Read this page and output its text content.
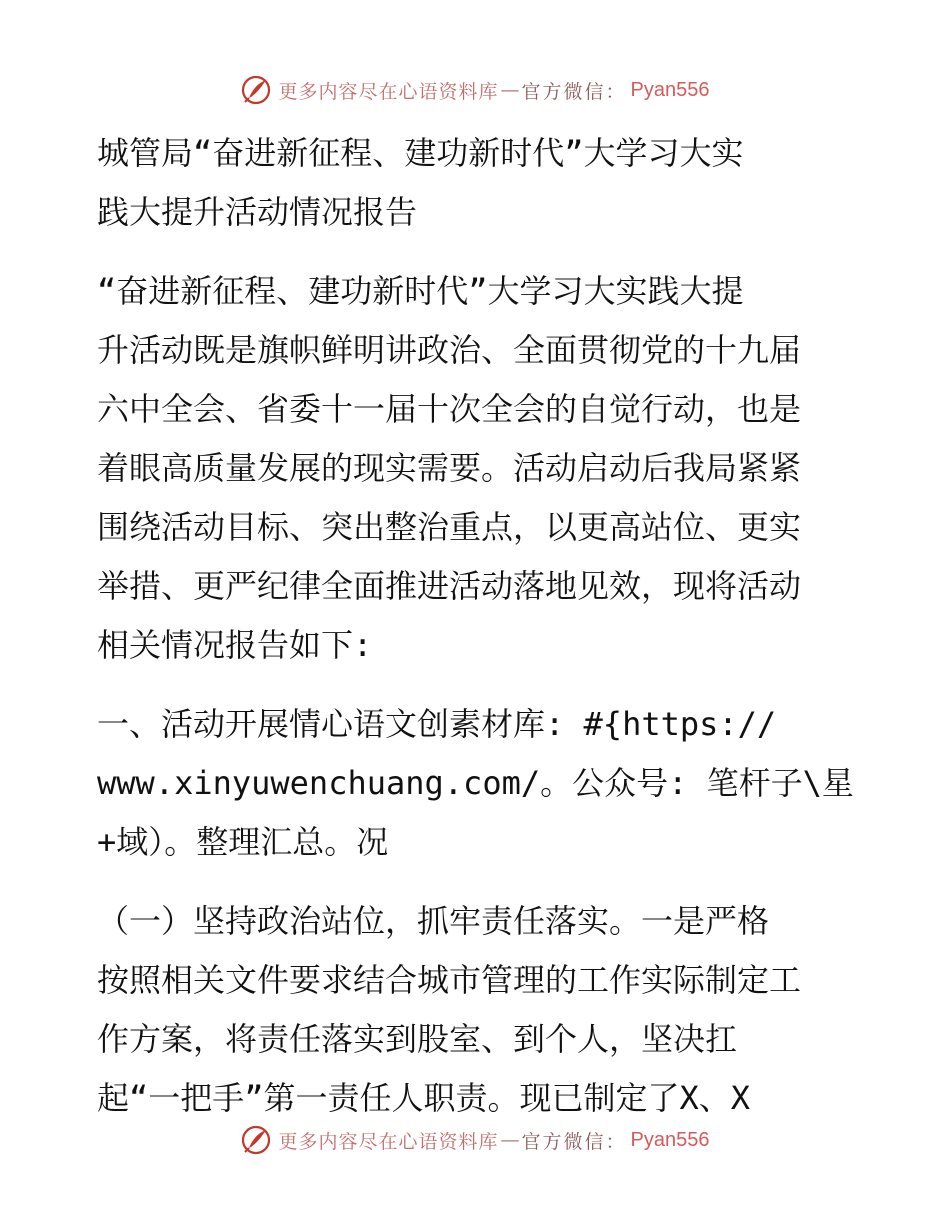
更多内容尽在心语资料库 — 官方微信 ： Pyan556
城管局“奋进新征程、建功新时代”大学习大实
践大提升活动情况报告
“奋进新征程、建功新时代”大学习大实践大提
升活动既是旗帜鲜明讲政治、全面贯彻党的十九届
六中全会、省委十一届十次全会的自觉行动，也是
着眼高质量发展的现实需要。活动启动后我局紧紧
围绕活动目标、突出整治重点，以更高站位、更实
举措、更严纪律全面推进活动落地见效，现将活动
相关情况报告如下:
一、活动开展情心语文创素材库: #{https://
www.xinyuwenchuang.com/。公众号: 笔杆子\星
+域）。整理汇总。况
（一）坚持政治站位，抓牢责任落实。一是严格
按照相关文件要求结合城市管理的工作实际制定工
作方案，将责任落实到股室、到个人，坚决扛
起“一把手”第一责任人职责。现已制定了X、X
更多内容尽在心语资料库 — 官方微信 ： Pyan556
